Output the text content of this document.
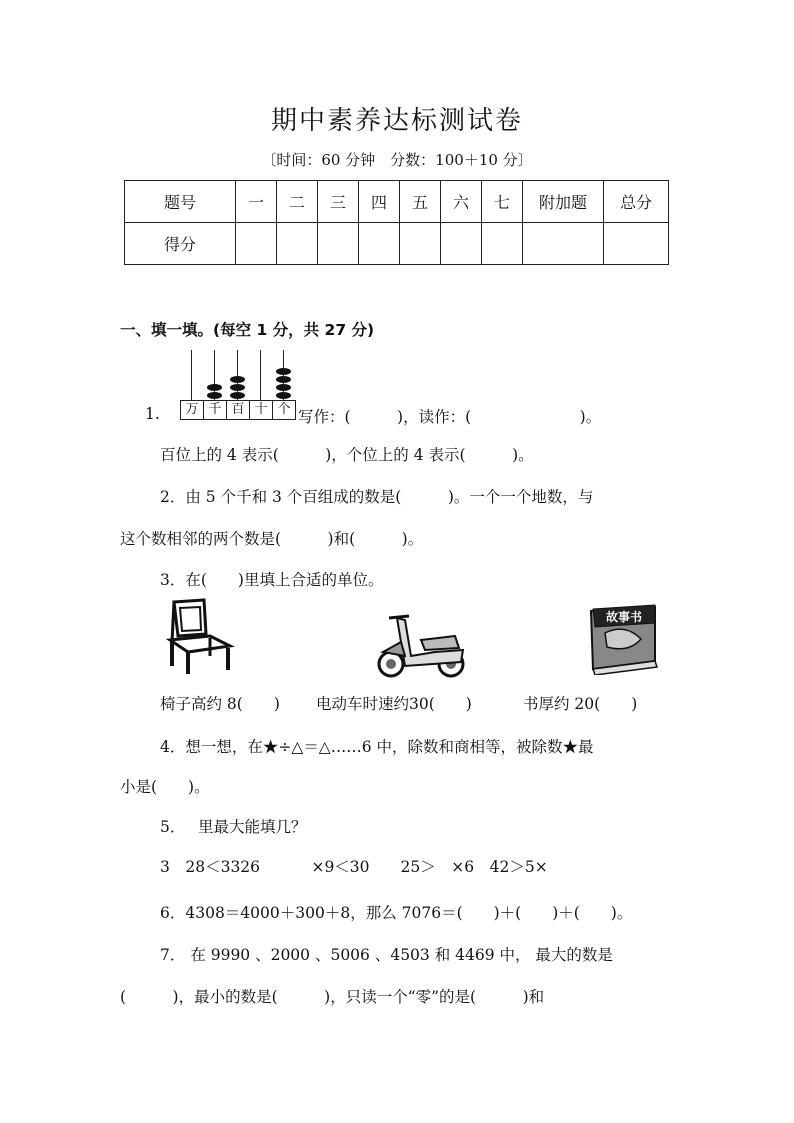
期中素养达标测试卷
〔时间：60 分钟　分数：100＋10 分〕
题号	一	二	三	四	五	六	七	附加题	总分
得分									
一、填一填。(每空 1 分，共 27 分)
万 千 百 十 个
1.	写作：(　　　)，读作：(　　　　　　　)。
百位上的 4 表示(　　　)，个位上的 4 表示(　　　)。
2．由 5 个千和 3 个百组成的数是(　　　)。一个一个地数，与
这个数相邻的两个数是(　　　)和(　　　)。
3．在(　　)里填上合适的单位。
故事书
椅子高约 8(　　) 电动车时速约30(　　)	书厚约 20(　　)
4．想一想，在★÷△＝△……6 中，除数和商相等，被除数★最
小是(　　)。
5．　 里最大能填几？
3　28＜3326　　　 ×9＜30　　25＞　×6　42＞5×
6．4308＝4000＋300＋8，那么 7076＝(　　)＋(　　)＋(　　)。
7． 在 9990 、2000 、5006 、4503 和 4469 中， 最大的数是
(　　　)，最小的数是(　　　)，只读一个“零”的是(　　　)和
